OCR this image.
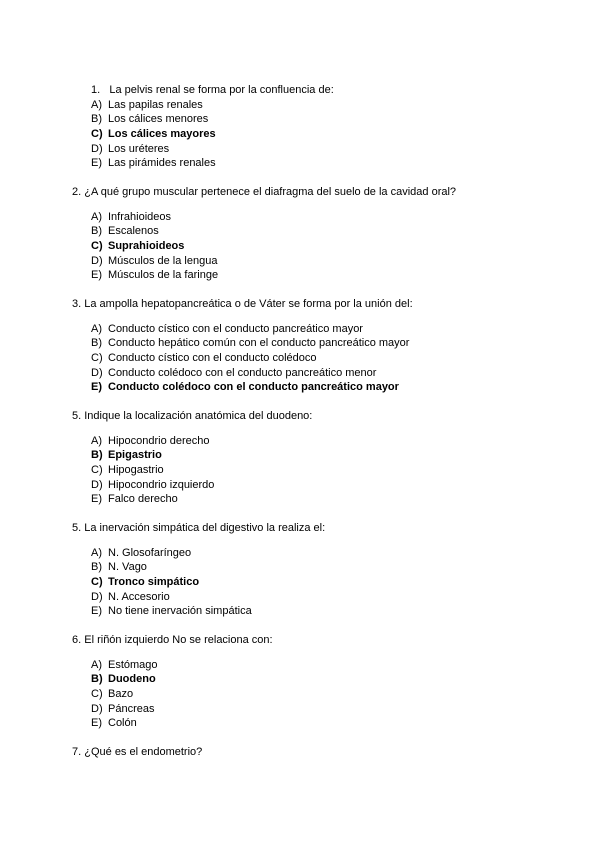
1. La pelvis renal se forma por la confluencia de:
A) Las papilas renales
B) Los cálices menores
C) Los cálices mayores
D) Los uréteres
E) Las pirámides renales
2. ¿A qué grupo muscular pertenece el diafragma del suelo de la cavidad oral?
A) Infrahioideos
B) Escalenos
C) Suprahioideos
D) Músculos de la lengua
E) Músculos de la faringe
3. La ampolla hepatopancreática o de Váter se forma por la unión del:
A) Conducto cístico con el conducto pancreático mayor
B) Conducto hepático común con el conducto pancreático mayor
C) Conducto cístico con el conducto colédoco
D) Conducto colédoco con el conducto pancreático menor
E) Conducto colédoco con el conducto pancreático mayor
5. Indique la localización anatómica del duodeno:
A) Hipocondrio derecho
B) Epigastrio
C) Hipogastrio
D) Hipocondrio izquierdo
E) Falco derecho
5. La inervación simpática del digestivo la realiza el:
A) N. Glosofaríngeo
B) N. Vago
C) Tronco simpático
D) N. Accesorio
E) No tiene inervación simpática
6. El riñón izquierdo No se relaciona con:
A) Estómago
B) Duodeno
C) Bazo
D) Páncreas
E) Colón
7. ¿Qué es el endometrio?
